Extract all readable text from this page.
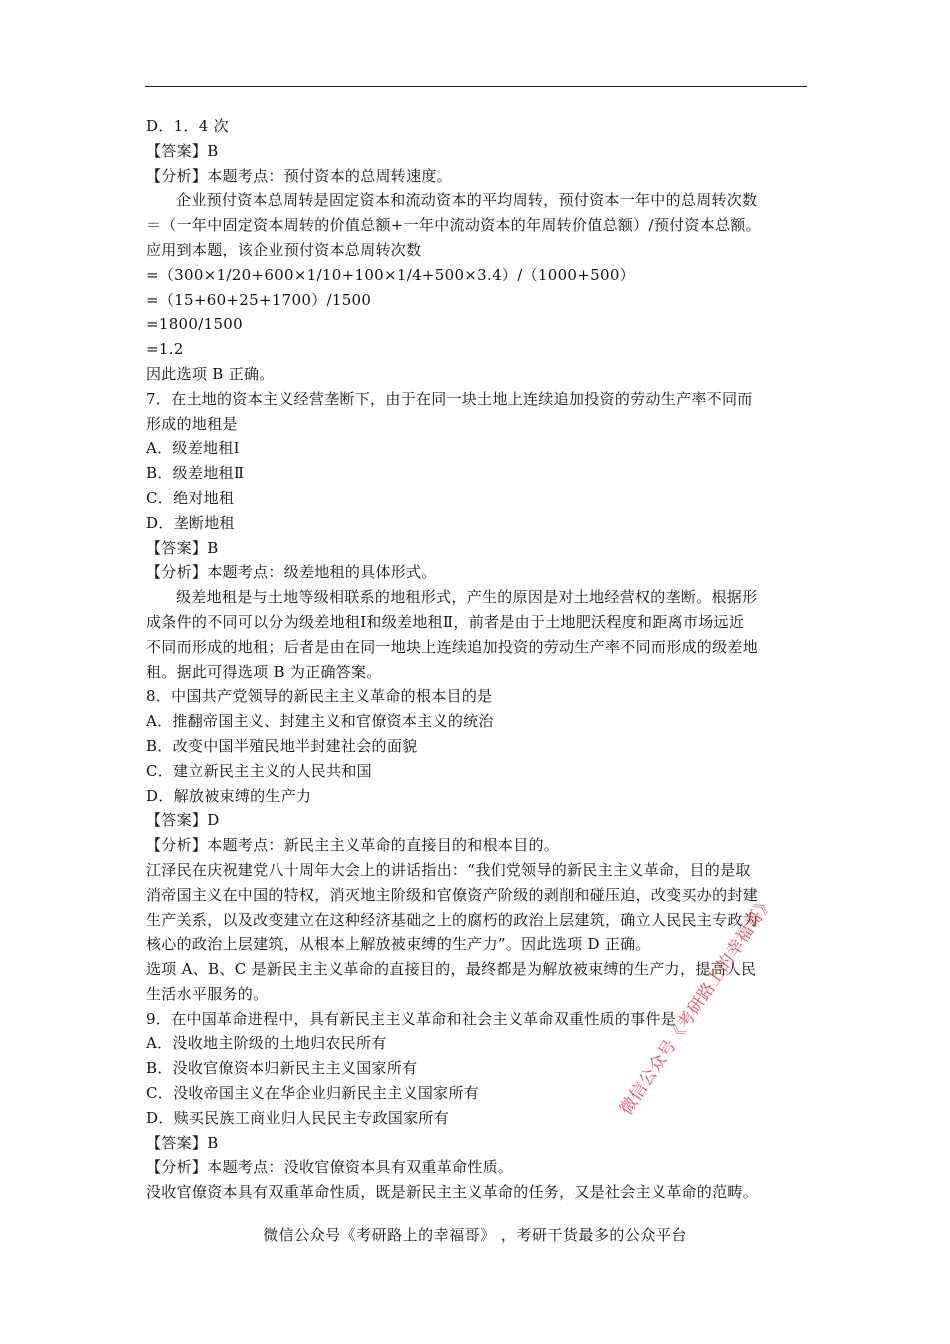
D．1．4 次
【答案】B
【分析】本题考点：预付资本的总周转速度。
企业预付资本总周转是固定资本和流动资本的平均周转，预付资本一年中的总周转次数
＝（一年中固定资本周转的价值总额+一年中流动资本的年周转价值总额）/预付资本总额。
应用到本题，该企业预付资本总周转次数
=（300×1/20+600×1/10+100×1/4+500×3.4）/（1000+500）
=（15+60+25+1700）/1500
=1800/1500
=1.2
因此选项 B 正确。
7．在土地的资本主义经营垄断下，由于在同一块土地上连续追加投资的劳动生产率不同而
形成的地租是
A．级差地租Ⅰ
B．级差地租Ⅱ
C．绝对地租
D．垄断地租
【答案】B
【分析】本题考点：级差地租的具体形式。
级差地租是与土地等级相联系的地租形式，产生的原因是对土地经营权的垄断。根据形
成条件的不同可以分为级差地租Ⅰ和级差地租Ⅱ，前者是由于土地肥沃程度和距离市场远近
不同而形成的地租；后者是由在同一地块上连续追加投资的劳动生产率不同而形成的级差地
租。据此可得选项 B 为正确答案。
8．中国共产党领导的新民主主义革命的根本目的是
A．推翻帝国主义、封建主义和官僚资本主义的统治
B．改变中国半殖民地半封建社会的面貌
C．建立新民主主义的人民共和国
D．解放被束缚的生产力
【答案】D
【分析】本题考点：新民主主义革命的直接目的和根本目的。
江泽民在庆祝建党八十周年大会上的讲话指出：“我们党领导的新民主主义革命，目的是取
消帝国主义在中国的特权，消灭地主阶级和官僚资产阶级的剥削和碰压迫，改变买办的封建
生产关系，以及改变建立在这种经济基础之上的腐朽的政治上层建筑，确立人民民主专政为
核心的政治上层建筑，从根本上解放被束缚的生产力”。因此选项 D 正确。
选项 A、B、C 是新民主主义革命的直接目的，最终都是为解放被束缚的生产力，提高人民
生活水平服务的。
9．在中国革命进程中，具有新民主主义革命和社会主义革命双重性质的事件是
A．没收地主阶级的土地归农民所有
B．没收官僚资本归新民主主义国家所有
C．没收帝国主义在华企业归新民主主义国家所有
D．赎买民族工商业归人民民主专政国家所有
【答案】B
【分析】本题考点：没收官僚资本具有双重革命性质。
没收官僚资本具有双重革命性质，既是新民主主义革命的任务，又是社会主义革命的范畴。
微信公众号《考研路上的幸福哥》 ，考研干货最多的公众平台
微信公众号《考研路上的幸福哥》
